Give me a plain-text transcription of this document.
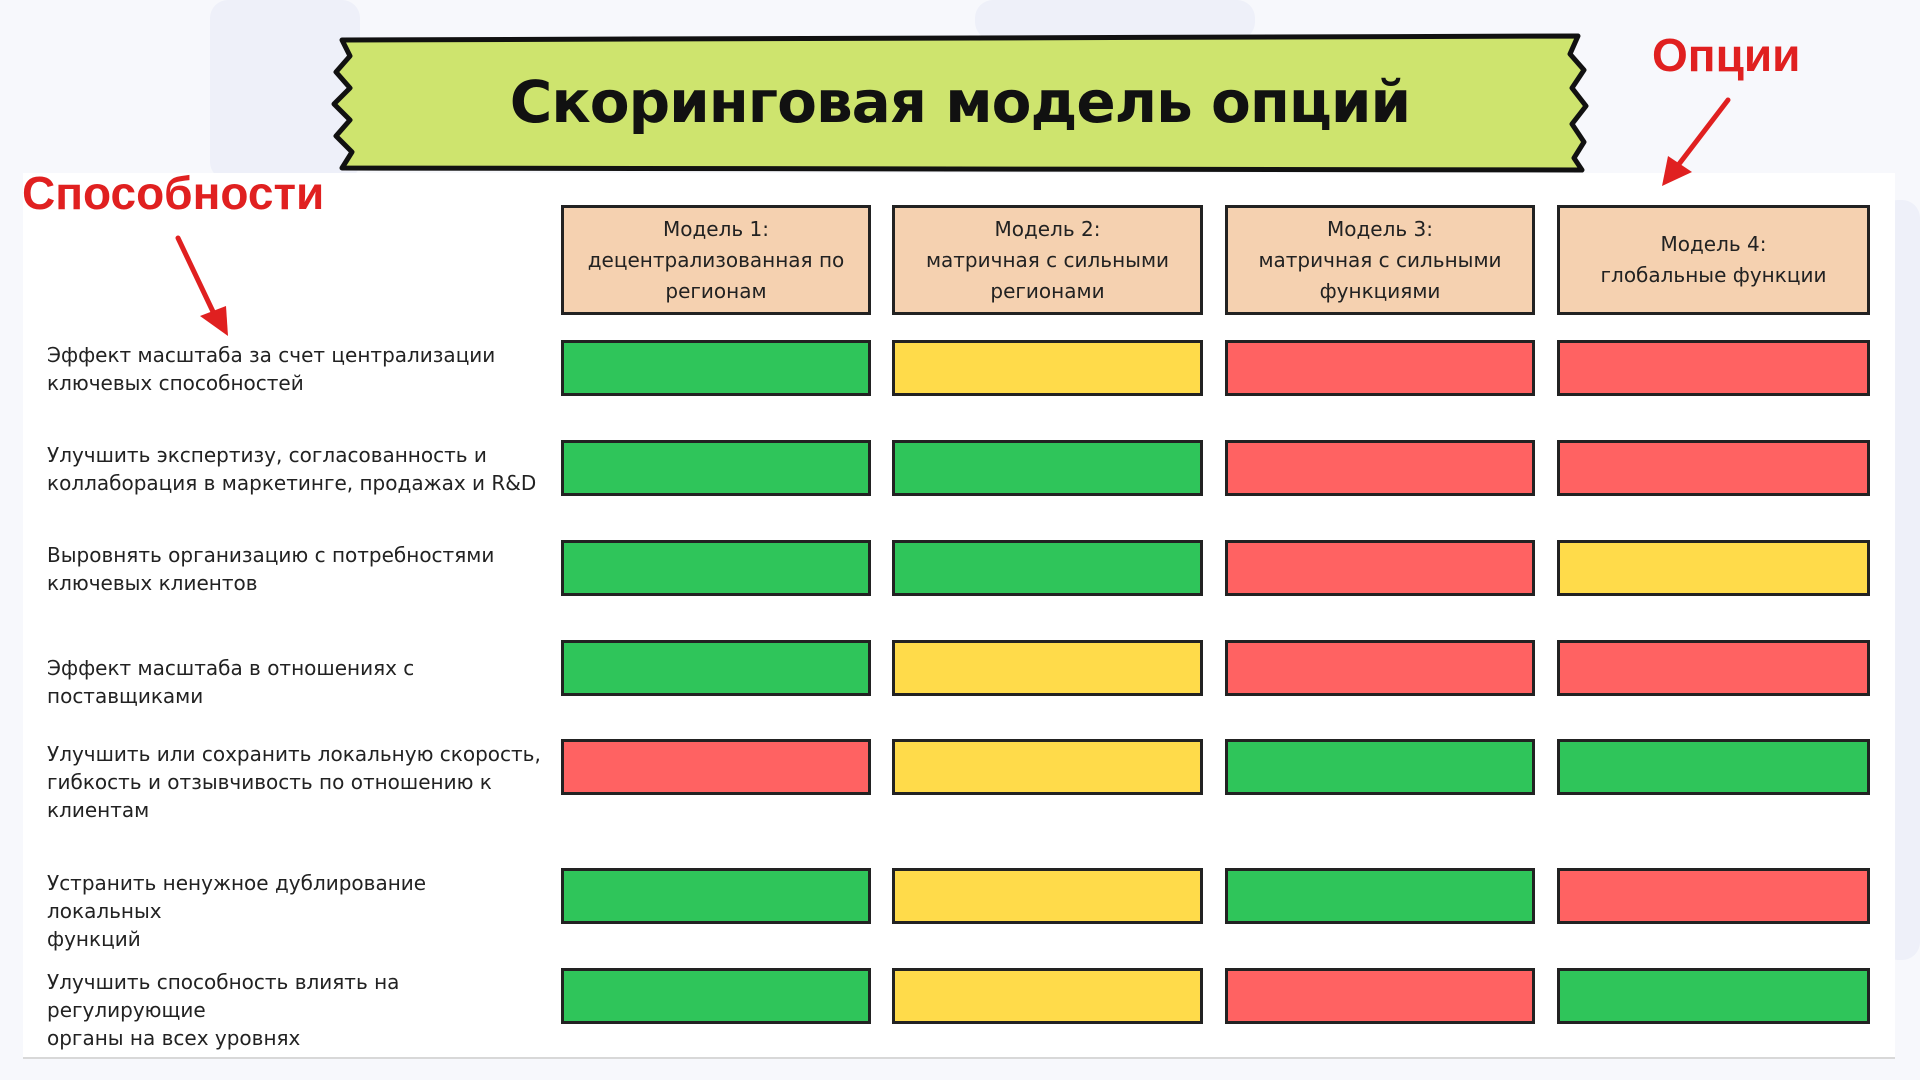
Скоринговая модель опций
Способности
Опции
Модель 1:
децентрализованная по
регионам
Модель 2:
матричная с сильными
регионами
Модель 3:
матричная с сильными
функциями
Модель 4:
глобальные функции
Эффект масштаба за счет централизации
ключевых способностей
Улучшить экспертизу, согласованность и
коллаборация в маркетинге, продажах и R&D
Выровнять организацию с потребностями
ключевых клиентов
Эффект масштаба в отношениях с поставщиками
Улучшить или сохранить локальную скорость,
гибкость и отзывчивость по отношению к
клиентам
Устранить ненужное дублирование локальных
функций
Улучшить способность влиять на регулирующие
органы на всех уровнях
